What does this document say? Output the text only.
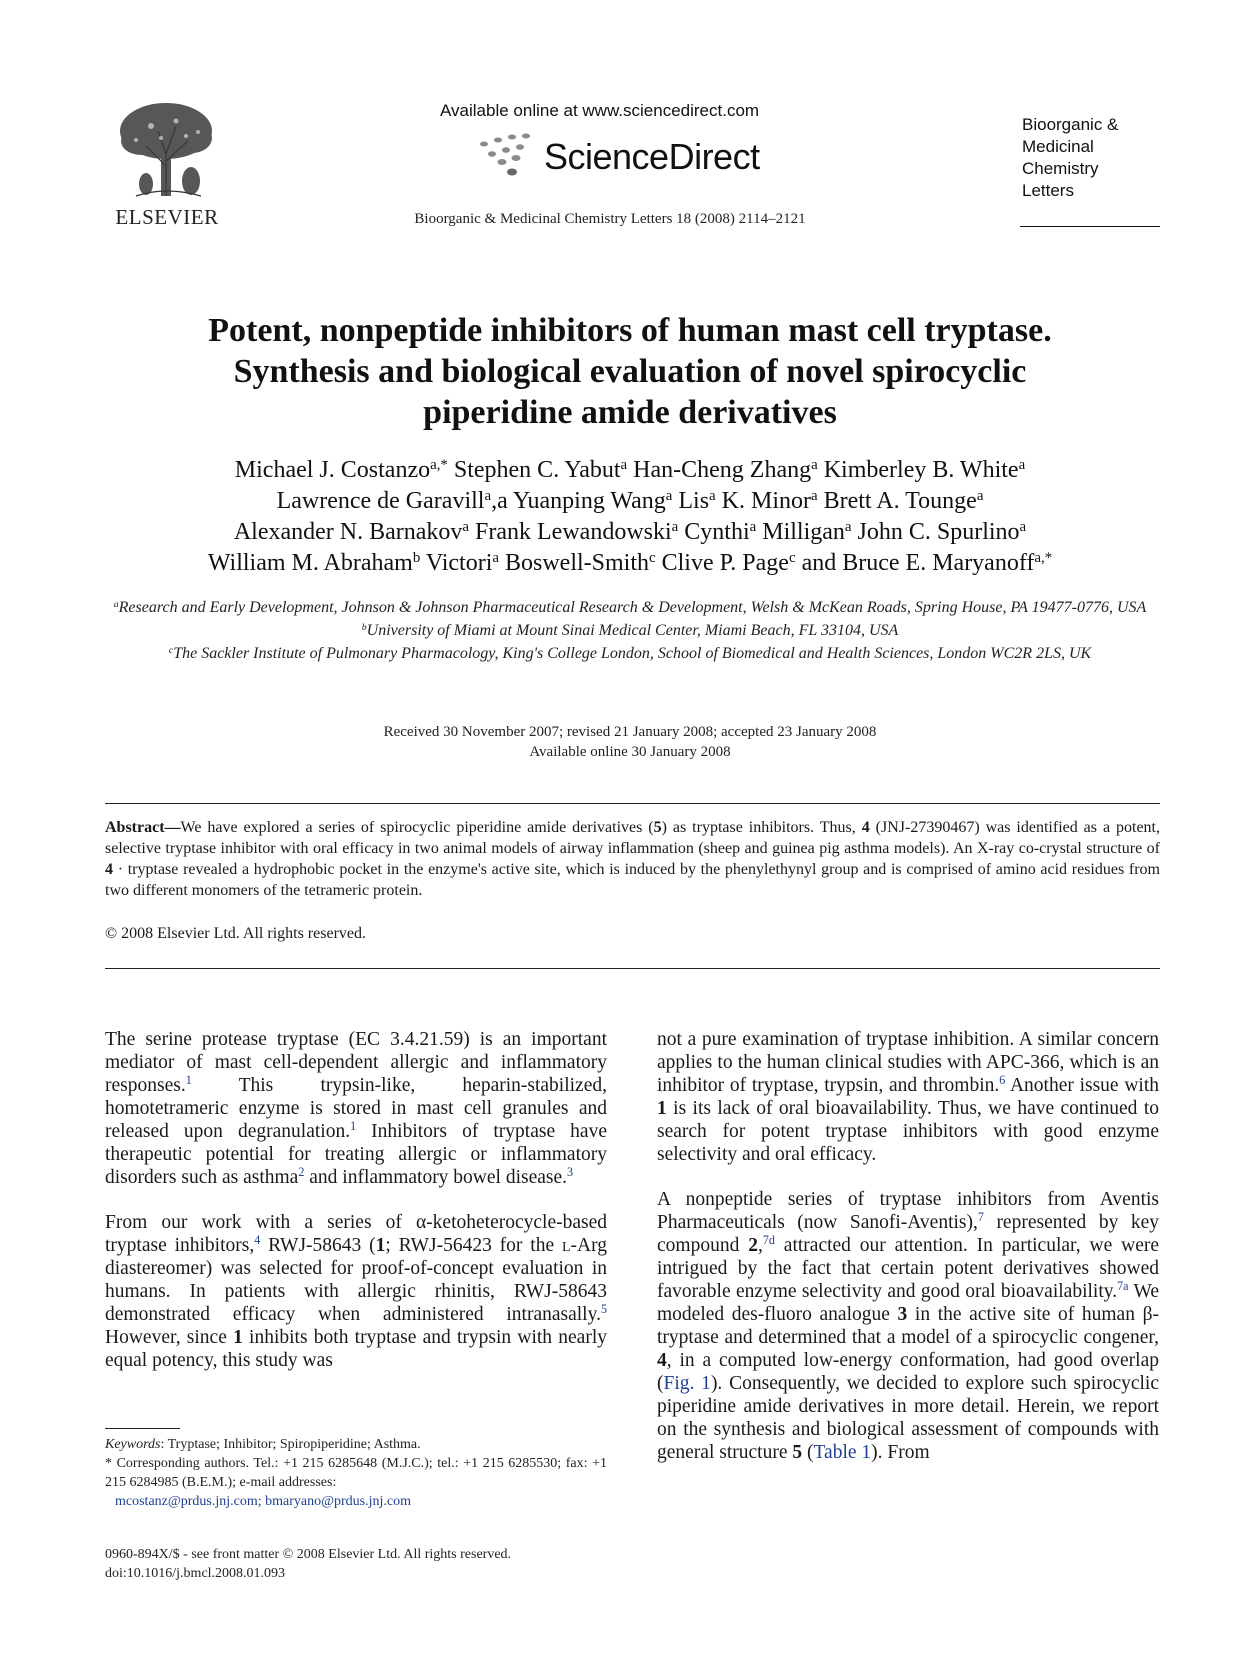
ELSEVIER
Available online at www.sciencedirect.com
ScienceDirect
Bioorganic & Medicinal Chemistry Letters 18 (2008) 2114–2121
Bioorganic &
Medicinal
Chemistry
Letters
Potent, nonpeptide inhibitors of human mast cell tryptase.
Synthesis and biological evaluation of novel spirocyclic
piperidine amide derivatives
Michael J. Costanzo$^{a,*}$ Stephen C. Yabut$^a$ Han-Cheng Zhang$^a$ Kimberley B. White$^a$
Lawrence de Garavill$^a$,a Yuanping Wang$^a$ Lis$^a$ K. Minor$^a$ Brett A. Tounge$^a$
Alexander N. Barnakov$^a$ Frank Lewandowski$^a$ Cynthi$^a$ Milligan$^a$ John C. Spurlino$^a$
William M. Abraham$^b$ Victori$^a$ Boswell-Smith$^c$ Clive P. Page$^c$ and Bruce E. Maryanoff$^{a,*}$
$^a$Research and Early Development, Johnson & Johnson Pharmaceutical Research & Development, Welsh & McKean Roads, Spring House, PA 19477-0776, USA
$^b$University of Miami at Mount Sinai Medical Center, Miami Beach, FL 33104, USA
$^c$The Sackler Institute of Pulmonary Pharmacology, King's College London, School of Biomedical and Health Sciences, London WC2R 2LS, UK
Received 30 November 2007; revised 21 January 2008; accepted 23 January 2008
Available online 30 January 2008
Abstract—We have explored a series of spirocyclic piperidine amide derivatives (5) as tryptase inhibitors. Thus, 4 (JNJ-27390467) was identified as a potent, selective tryptase inhibitor with oral efficacy in two animal models of airway inflammation (sheep and guinea pig asthma models). An X-ray co-crystal structure of 4 · tryptase revealed a hydrophobic pocket in the enzyme's active site, which is induced by the phenylethynyl group and is comprised of amino acid residues from two different monomers of the tetrameric protein.
© 2008 Elsevier Ltd. All rights reserved.

The serine protease tryptase (EC 3.4.21.59) is an important mediator of mast cell-dependent allergic and inflammatory responses.$^1$ This trypsin-like, heparin-stabilized, homotetrameric enzyme is stored in mast cell granules and released upon degranulation.$^1$ Inhibitors of tryptase have therapeutic potential for treating allergic or inflammatory disorders such as asthma$^2$ and inflammatory bowel disease.$^3$

From our work with a series of α-ketoheterocycle-based tryptase inhibitors,$^4$ RWJ-58643 (1; RWJ-56423 for the l-Arg diastereomer) was selected for proof-of-concept evaluation in humans. In patients with allergic rhinitis, RWJ-58643 demonstrated efficacy when administered intranasally.$^5$ However, since 1 inhibits both tryptase and trypsin with nearly equal potency, this study was

not a pure examination of tryptase inhibition. A similar concern applies to the human clinical studies with APC-366, which is an inhibitor of tryptase, trypsin, and thrombin.$^6$ Another issue with 1 is its lack of oral bioavailability. Thus, we have continued to search for potent tryptase inhibitors with good enzyme selectivity and oral efficacy.

A nonpeptide series of tryptase inhibitors from Aventis Pharmaceuticals (now Sanofi-Aventis),$^7$ represented by key compound 2,$^{7d}$ attracted our attention. In particular, we were intrigued by the fact that certain potent derivatives showed favorable enzyme selectivity and good oral bioavailability.$^{7a}$ We modeled des-fluoro analogue 3 in the active site of human β-tryptase and determined that a model of a spirocyclic congener, 4, in a computed low-energy conformation, had good overlap (Fig. 1). Consequently, we decided to explore such spirocyclic piperidine amide derivatives in more detail. Herein, we report on the synthesis and biological assessment of compounds with general structure 5 (Table 1). From

Keywords: Tryptase; Inhibitor; Spiropiperidine; Asthma.
* Corresponding authors. Tel.: +1 215 6285648 (M.J.C.); tel.: +1 215 6285530; fax: +1 215 6284985 (B.E.M.); e-mail addresses:
mcostanz@prdus.jnj.com; bmaryano@prdus.jnj.com
0960-894X/$ - see front matter © 2008 Elsevier Ltd. All rights reserved.
doi:10.1016/j.bmcl.2008.01.093
